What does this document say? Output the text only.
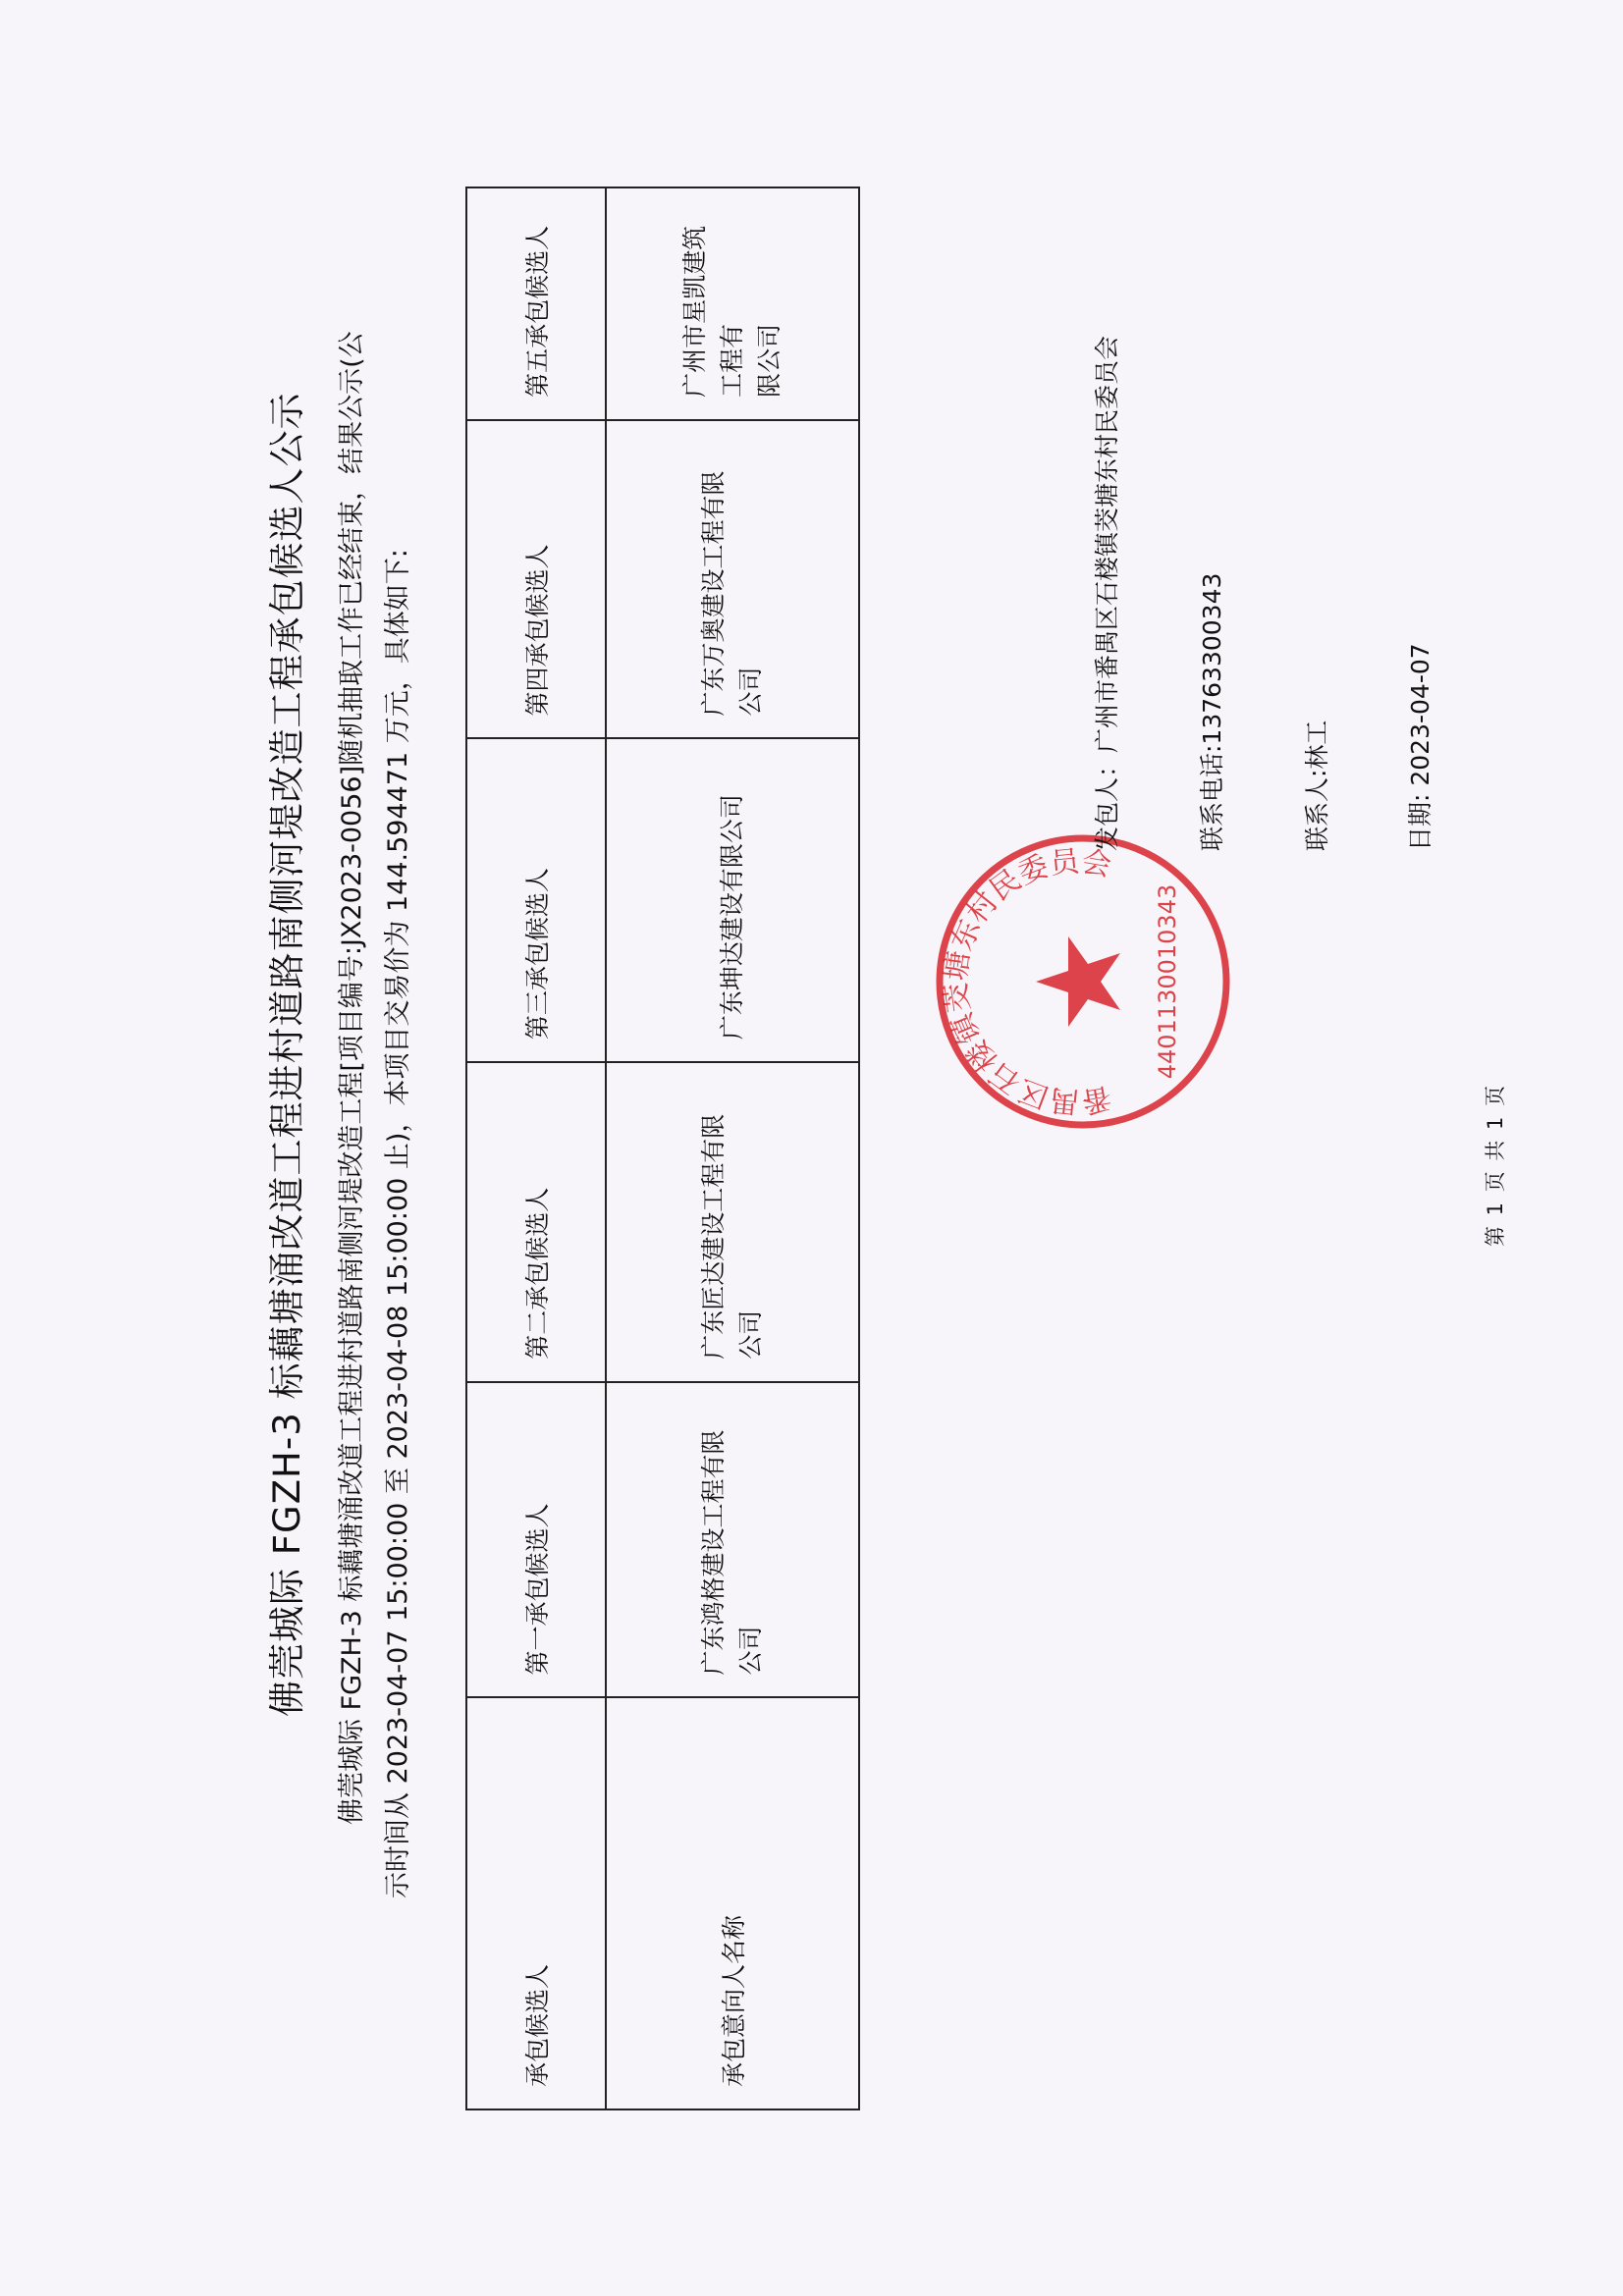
佛莞城际 FGZH-3 标藕塘涌改道工程进村道路南侧河堤改造工程承包候选人公示 佛莞城际 FGZH-3 标藕塘涌改道工程进村道路南侧河堤改造工程[项目编号:JX2023-0056]随机抽取工作已经结束，结果公示(公 示时间从 2023-04-07 15:00:00 至 2023-04-08 15:00:00 止)，本项目交易价为 144.594471 万元，具体如下:
承包候选人	第一承包候选人	第二承包候选人	第三承包候选人	第四承包候选人	第五承包候选人
承包意向人名称	广东鸿格建设工程有限 公司	广东匠达建设工程有限 公司	广东坤达建设有限公司	广东万奥建设工程有限 公司	广州市星凯建筑工程有 限公司
番禺区石楼镇茭塘东村民委员会
4401130010343
发包人：广州市番禺区石楼镇茭塘东村民委员会	联系电话:13763300343	联系人:林工	日期: 2023-04-07
第 1 页 共 1 页
